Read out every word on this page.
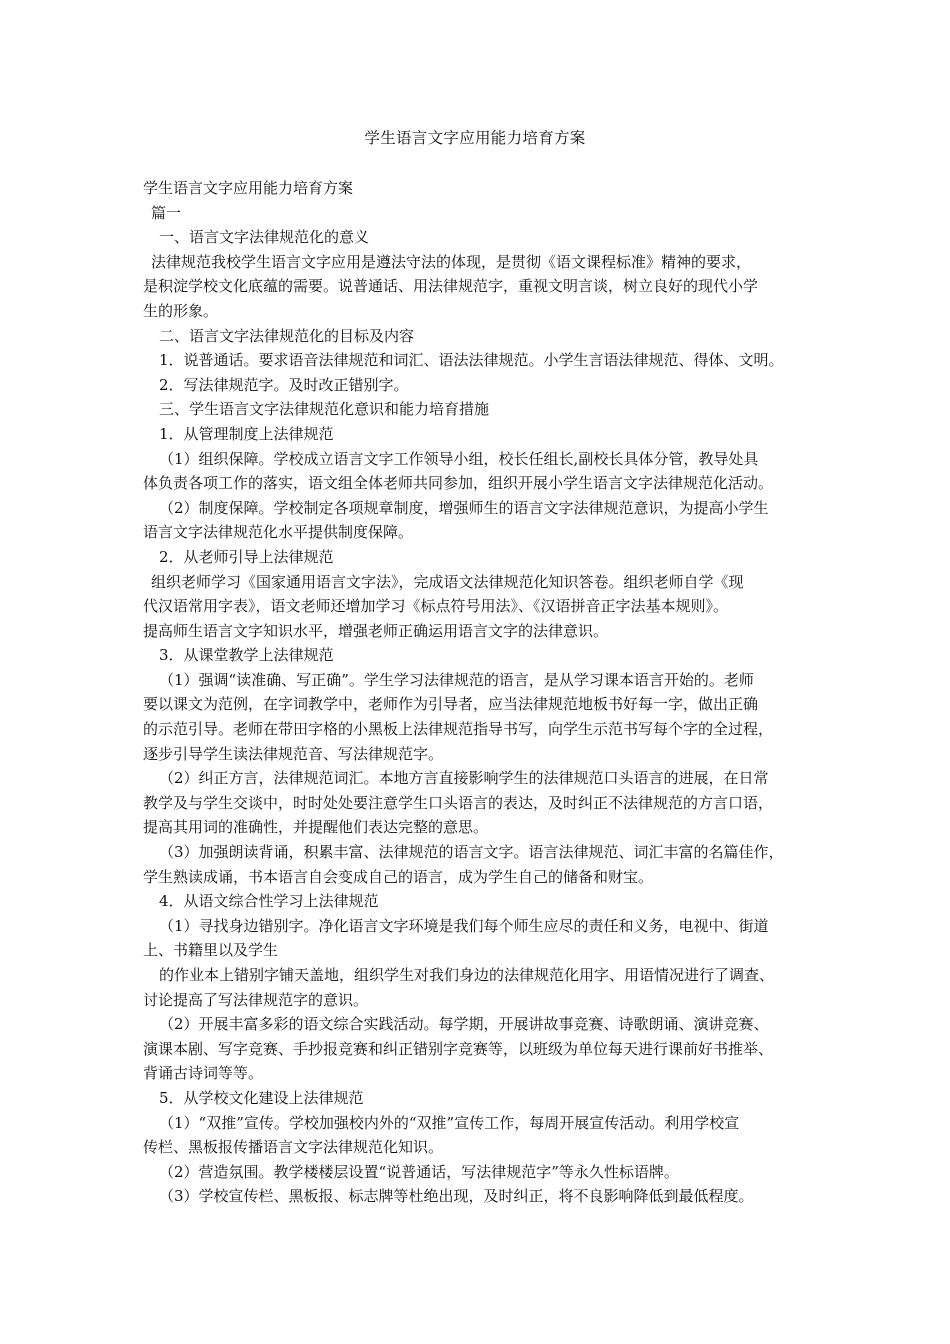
学生语言文字应用能力培育方案
学生语言文字应用能力培育方案
篇一
一、语言文字法律规范化的意义
法律规范我校学生语言文字应用是遵法守法的体现，是贯彻《语文课程标准》精神的要求，
是积淀学校文化底蕴的需要。说普通话、用法律规范字，重视文明言谈，树立良好的现代小学
生的形象。
二、语言文字法律规范化的目标及内容
1．说普通话。要求语音法律规范和词汇、语法法律规范。小学生言语法律规范、得体、文明。
2．写法律规范字。及时改正错别字。
三、学生语言文字法律规范化意识和能力培育措施
1．从管理制度上法律规范
（1）组织保障。学校成立语言文字工作领导小组，校长任组长,副校长具体分管，教导处具
体负责各项工作的落实，语文组全体老师共同参加，组织开展小学生语言文字法律规范化活动。
（2）制度保障。学校制定各项规章制度，增强师生的语言文字法律规范意识，为提高小学生
语言文字法律规范化水平提供制度保障。
2．从老师引导上法律规范
组织老师学习《国家通用语言文字法》，完成语文法律规范化知识答卷。组织老师自学《现
代汉语常用字表》，语文老师还增加学习《标点符号用法》、《汉语拼音正字法基本规则》。
提高师生语言文字知识水平，增强老师正确运用语言文字的法律意识。
3．从课堂教学上法律规范
（1）强调“读准确、写正确”。学生学习法律规范的语言，是从学习课本语言开始的。老师
要以课文为范例，在字词教学中，老师作为引导者，应当法律规范地板书好每一字，做出正确
的示范引导。老师在带田字格的小黑板上法律规范指导书写，向学生示范书写每个字的全过程，
逐步引导学生读法律规范音、写法律规范字。
（2）纠正方言，法律规范词汇。本地方言直接影响学生的法律规范口头语言的进展，在日常
教学及与学生交谈中，时时处处要注意学生口头语言的表达，及时纠正不法律规范的方言口语，
提高其用词的准确性，并提醒他们表达完整的意思。
（3）加强朗读背诵，积累丰富、法律规范的语言文字。语言法律规范、词汇丰富的名篇佳作，
学生熟读成诵，书本语言自会变成自己的语言，成为学生自己的储备和财宝。
4．从语文综合性学习上法律规范
（1）寻找身边错别字。净化语言文字环境是我们每个师生应尽的责任和义务，电视中、街道
上、书籍里以及学生
的作业本上错别字铺天盖地，组织学生对我们身边的法律规范化用字、用语情况进行了调查、
讨论提高了写法律规范字的意识。
（2）开展丰富多彩的语文综合实践活动。每学期，开展讲故事竞赛、诗歌朗诵、演讲竞赛、
演课本剧、写字竞赛、手抄报竞赛和纠正错别字竞赛等，以班级为单位每天进行课前好书推举、
背诵古诗词等等。
5．从学校文化建设上法律规范
（1）“双推”宣传。学校加强校内外的“双推”宣传工作，每周开展宣传活动。利用学校宣
传栏、黑板报传播语言文字法律规范化知识。
（2）营造氛围。教学楼楼层设置“说普通话，写法律规范字”等永久性标语牌。
（3）学校宣传栏、黑板报、标志牌等杜绝出现，及时纠正，将不良影响降低到最低程度。
